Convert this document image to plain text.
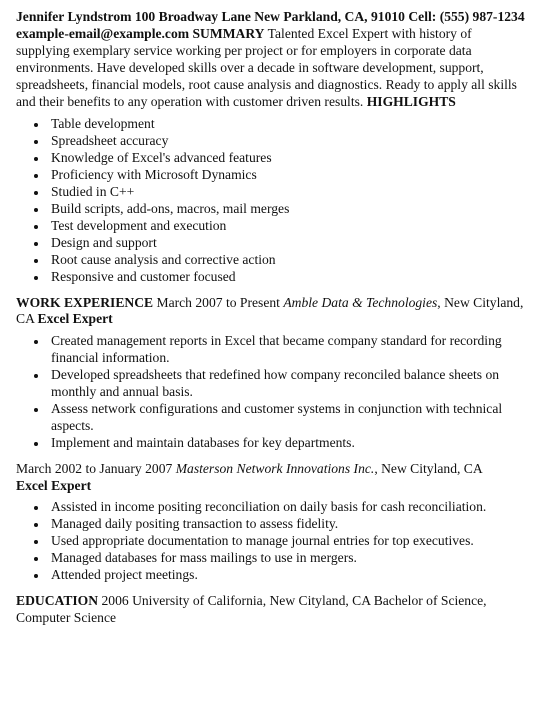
Jennifer Lyndstrom 100 Broadway Lane New Parkland, CA, 91010 Cell: (555) 987-1234 example-email@example.com SUMMARY Talented Excel Expert with history of supplying exemplary service working per project or for employers in corporate data environments. Have developed skills over a decade in software development, support, spreadsheets, financial models, root cause analysis and diagnostics. Ready to apply all skills and their benefits to any operation with customer driven results. HIGHLIGHTS

Table development
Spreadsheet accuracy
Knowledge of Excel's advanced features
Proficiency with Microsoft Dynamics
Studied in C++
Build scripts, add-ons, macros, mail merges
Test development and execution
Design and support
Root cause analysis and corrective action
Responsive and customer focused

WORK EXPERIENCE March 2007 to Present Amble Data & Technologies, New Cityland, CA Excel Expert

Created management reports in Excel that became company standard for recording financial information.
Developed spreadsheets that redefined how company reconciled balance sheets on monthly and annual basis.
Assess network configurations and customer systems in conjunction with technical aspects.
Implement and maintain databases for key departments.

March 2002 to January 2007 Masterson Network Innovations Inc., New Cityland, CA
Excel Expert

Assisted in income positing reconciliation on daily basis for cash reconciliation.
Managed daily positing transaction to assess fidelity.
Used appropriate documentation to manage journal entries for top executives.
Managed databases for mass mailings to use in mergers.
Attended project meetings.

EDUCATION 2006 University of California, New Cityland, CA Bachelor of Science, Computer Science
